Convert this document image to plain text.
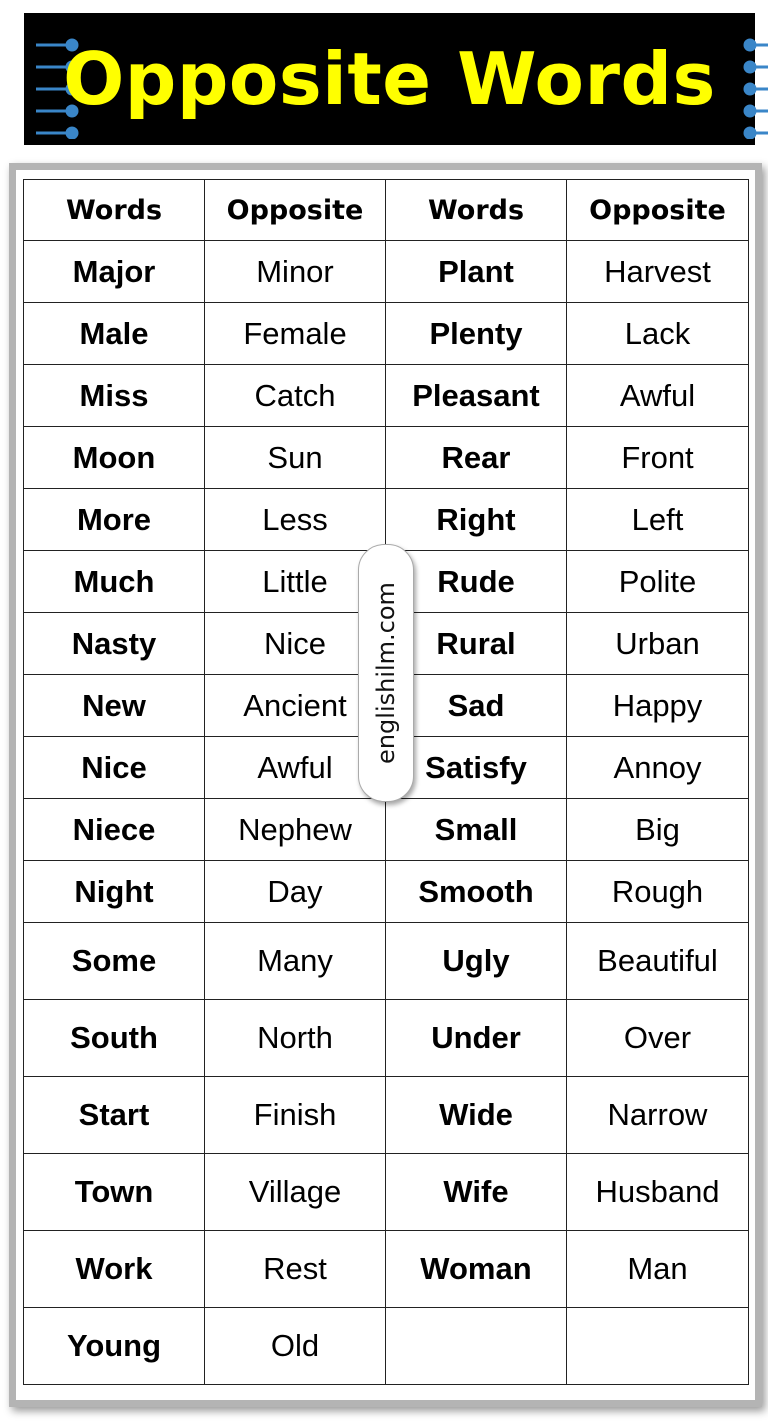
Opposite Words
Words	Opposite	Words	Opposite
Major	Minor	Plant	Harvest
Male	Female	Plenty	Lack
Miss	Catch	Pleasant	Awful
Moon	Sun	Rear	Front
More	Less	Right	Left
Much	Little	Rude	Polite
Nasty	Nice	Rural	Urban
New	Ancient	Sad	Happy
Nice	Awful	Satisfy	Annoy
Niece	Nephew	Small	Big
Night	Day	Smooth	Rough
Some	Many	Ugly	Beautiful
South	North	Under	Over
Start	Finish	Wide	Narrow
Town	Village	Wife	Husband
Work	Rest	Woman	Man
Young	Old		
englishilm.com
